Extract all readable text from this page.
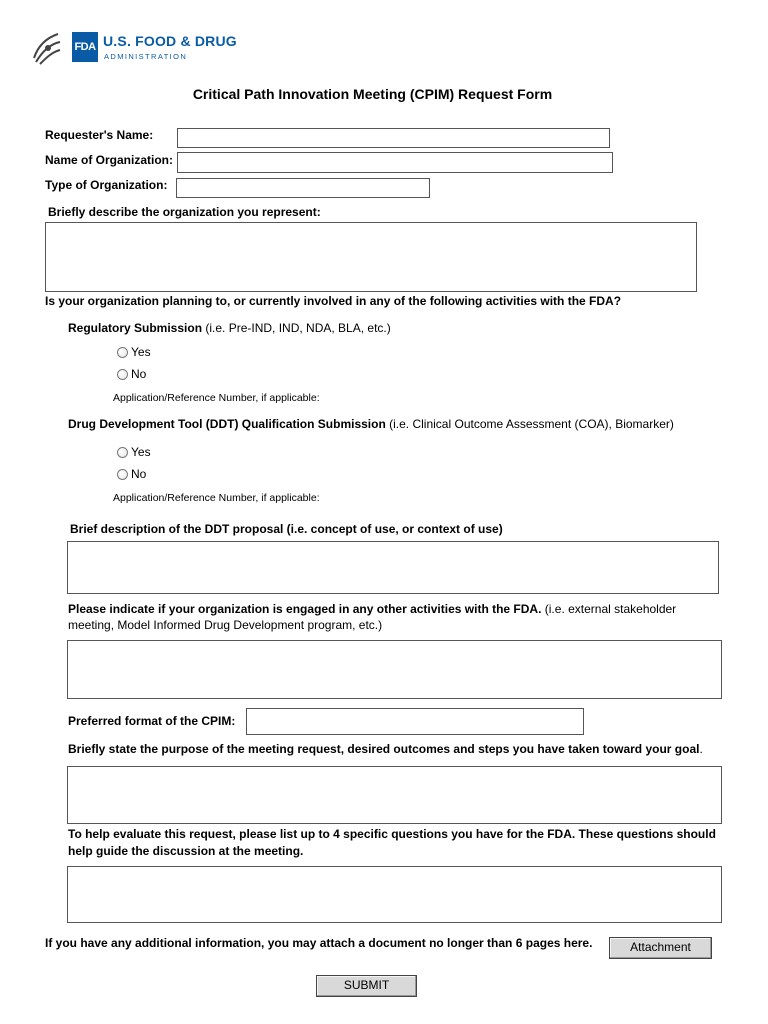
FDA U.S. FOOD & DRUG
ADMINISTRATION
Critical Path Innovation Meeting (CPIM) Request Form
Requester's Name:
Name of Organization:
Type of Organization:
Briefly describe the organization you represent:
Is your organization planning to, or currently involved in any of the following activities with the FDA?
Regulatory Submission (i.e. Pre-IND, IND, NDA, BLA, etc.)
Yes
No
Application/Reference Number, if applicable:
Drug Development Tool (DDT) Qualification Submission (i.e. Clinical Outcome Assessment (COA), Biomarker)
Yes
No
Application/Reference Number, if applicable:
Brief description of the DDT proposal (i.e. concept of use, or context of use)
Please indicate if your organization is engaged in any other activities with the FDA. (i.e. external stakeholder meeting, Model Informed Drug Development program, etc.)
Preferred format of the CPIM:
Briefly state the purpose of the meeting request, desired outcomes and steps you have taken toward your goal.
To help evaluate this request, please list up to 4 specific questions you have for the FDA. These questions should help guide the discussion at the meeting.
If you have any additional information, you may attach a document no longer than 6 pages here.	Attachment
SUBMIT
